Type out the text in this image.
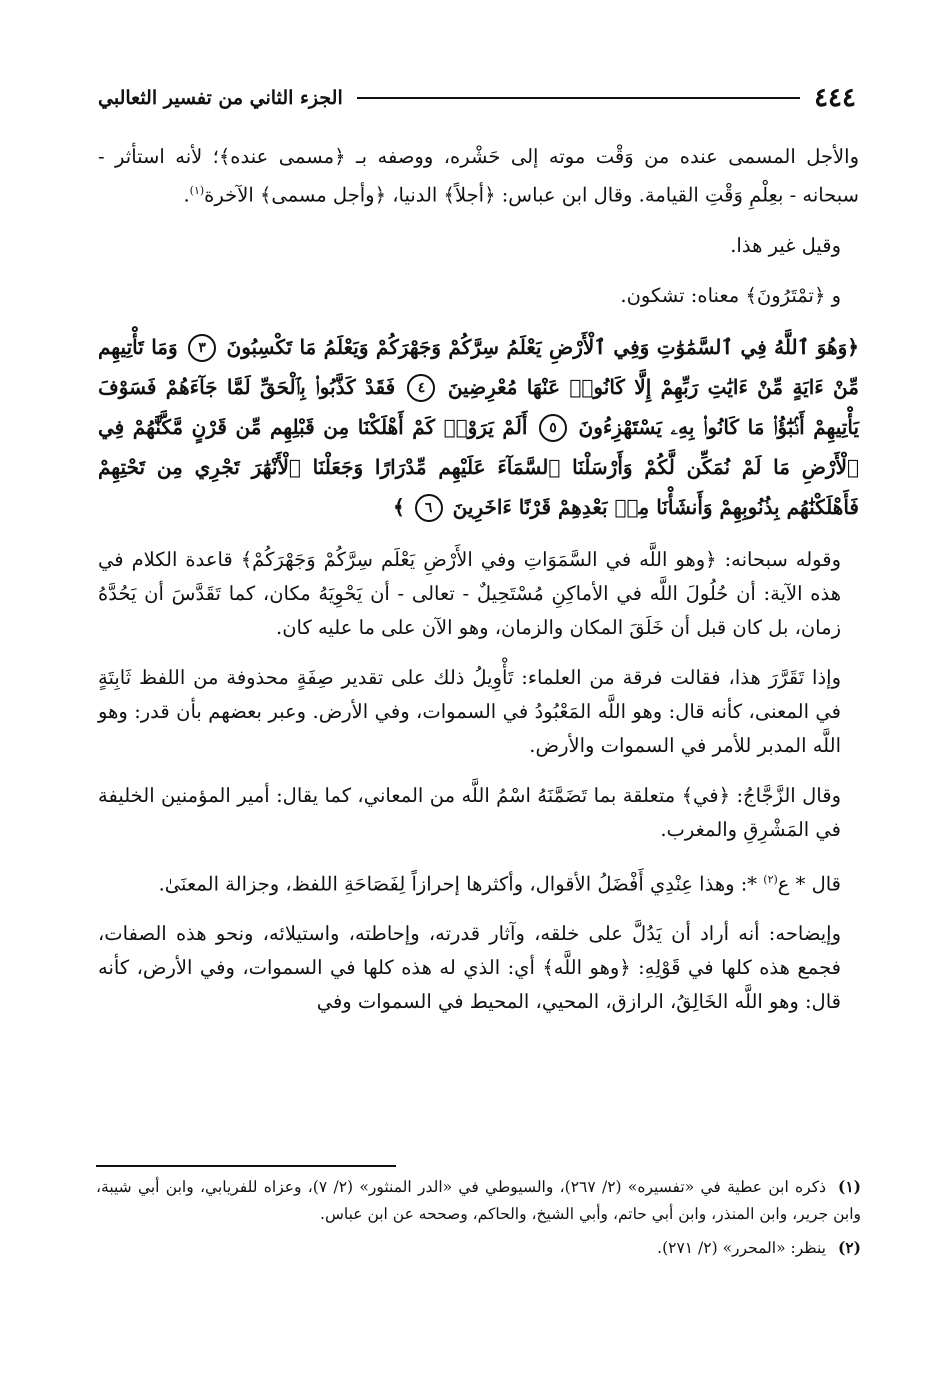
٤٤٤
الجزء الثاني من تفسير الثعالبي

والأجل المسمى عنده من وَقْت موته إلى حَشْره، ووصفه بـ ﴿مسمى عنده﴾؛ لأنه استأثر - سبحانه - بعِلْمِ وَقْتِ القيامة. وقال ابن عباس: ﴿أجلاً﴾ الدنيا، ﴿وأجل مسمى﴾ الآخرة$^{(١)}$.

وقيل غير هذا.

و ﴿تمْتَرُونَ﴾ معناه: تشكون.

﴿وَهُوَ ٱللَّهُ فِي ٱلسَّمَٰوَٰتِ وَفِي ٱلْأَرْضِ يَعْلَمُ سِرَّكُمْ وَجَهْرَكُمْ وَيَعْلَمُ مَا تَكْسِبُونَ ٣ وَمَا تَأْتِيهِم مِّنْ ءَايَةٍ مِّنْ ءَايَٰتِ رَبِّهِمْ إِلَّا كَانُوا۟ عَنْهَا مُعْرِضِينَ ٤ فَقَدْ كَذَّبُوا۟ بِٱلْحَقِّ لَمَّا جَآءَهُمْ فَسَوْفَ يَأْتِيهِمْ أَنۢبَٰٓؤُا۟ مَا كَانُوا۟ بِهِۦ يَسْتَهْزِءُونَ ٥ أَلَمْ يَرَوْا۟ كَمْ أَهْلَكْنَا مِن قَبْلِهِم مِّن قَرْنٍ مَّكَّنَّٰهُمْ فِي ٱلْأَرْضِ مَا لَمْ نُمَكِّن لَّكُمْ وَأَرْسَلْنَا ٱلسَّمَآءَ عَلَيْهِم مِّدْرَارًا وَجَعَلْنَا ٱلْأَنْهَٰرَ تَجْرِي مِن تَحْتِهِمْ فَأَهْلَكْنَٰهُم بِذُنُوبِهِمْ وَأَنشَأْنَا مِنۢ بَعْدِهِمْ قَرْنًا ءَاخَرِينَ ٦ ﴾

وقوله سبحانه: ﴿وهو اللَّه في السَّمَوَاتِ وفي الأَرْضِ يَعْلَم سِرَّكُمْ وَجَهْرَكُمْ﴾ قاعدة الكلام في هذه الآية: أن حُلُولَ اللَّه في الأماكِنِ مُسْتَحِيلٌ - تعالى - أن يَحْوِيَهُ مكان، كما تَقَدَّسَ أن يَحُدَّهُ زمان، بل كان قبل أن خَلَقَ المكان والزمان، وهو الآن على ما عليه كان.

وإذا تَقَرَّرَ هذا، فقالت فرقة من العلماء: تَأْوِيلُ ذلك على تقدير صِفَةٍ محذوفة من اللفظ ثَابِتَةٍ في المعنى، كأنه قال: وهو اللَّه المَعْبُودُ في السموات، وفي الأرض. وعبر بعضهم بأن قدر: وهو اللَّه المدبر للأمر في السموات والأرض.

وقال الزَّجَّاجُ: ﴿في﴾ متعلقة بما تَضَمَّنَهُ اسْمُ اللَّه من المعاني، كما يقال: أمير المؤمنين الخليفة في المَشْرِقِ والمغرب.

قال * ع$^{(٢)}$ *: وهذا عِنْدِي أَفْضَلُ الأقوال، وأكثرها إحرازاً لِفَصَاحَةِ اللفظ، وجزالة المعنَىٰ.

وإيضاحه: أنه أراد أن يَدُلَّ على خلقه، وآثار قدرته، وإحاطته، واستيلائه، ونحو هذه الصفات، فجمع هذه كلها في قَوْلِهِ: ﴿وهو اللَّه﴾ أي: الذي له هذه كلها في السموات، وفي الأرض، كأنه قال: وهو اللَّه الخَالِقُ، الرازق، المحيي، المحيط في السموات وفي

(١)ذكره ابن عطية في «تفسيره» (٢/ ٢٦٧)، والسيوطي في «الدر المنثور» (٢/ ٧)، وعزاه للفريابي، وابن أبي شيبة، وابن جرير، وابن المنذر، وابن أبي حاتم، وأبي الشيخ، والحاكم، وصححه عن ابن عباس.
(٢)ينظر: «المحرر» (٢/ ٢٧١).
